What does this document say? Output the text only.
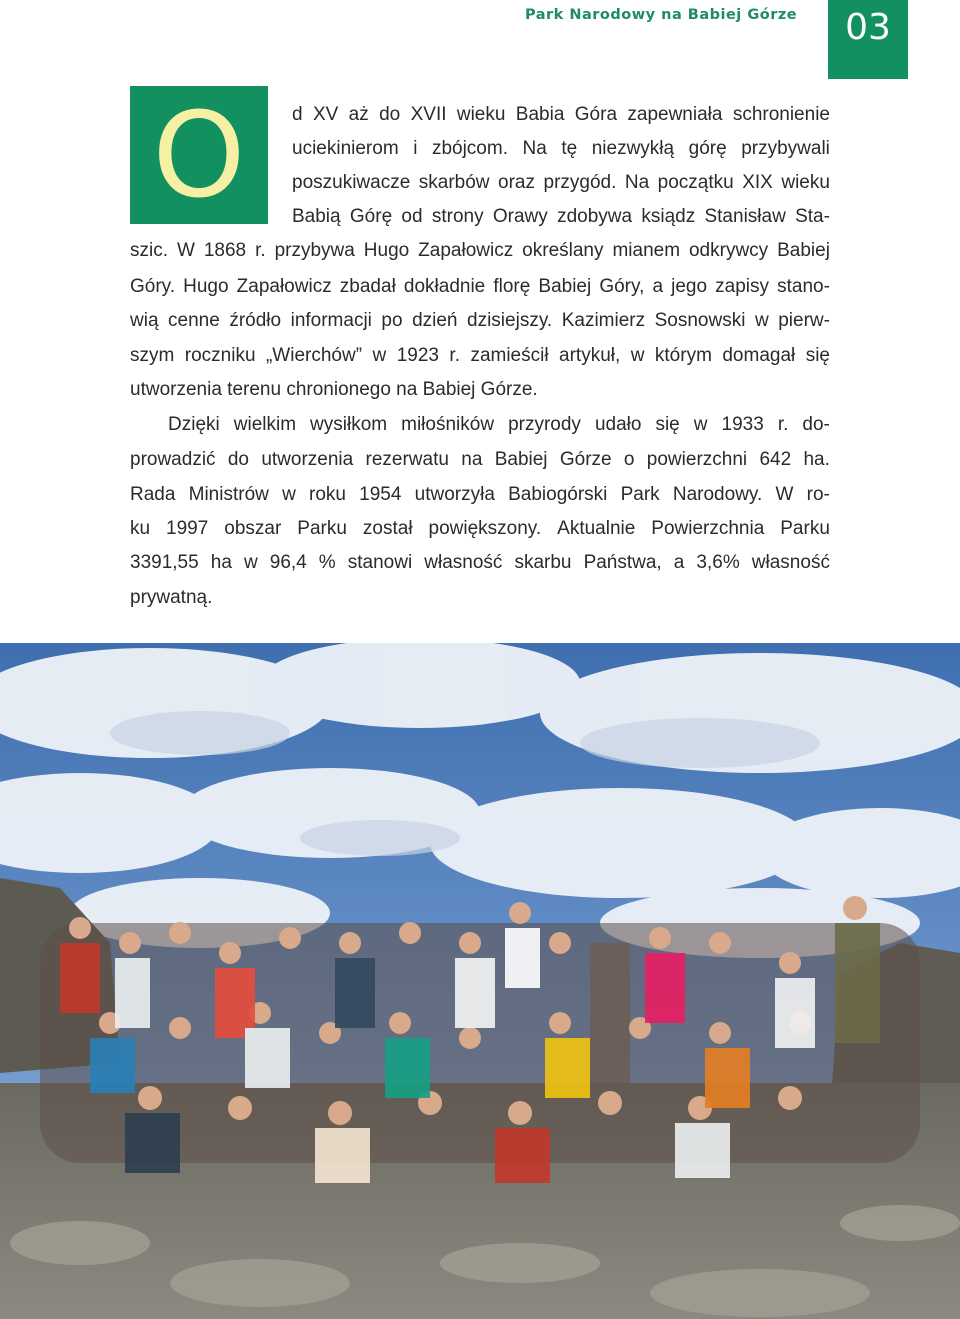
Park Narodowy na Babiej Górze	03
O	d XV aż do XVII wieku Babia Góra zapewniała schronienie
uciekinierom i zbójcom. Na tę niezwykłą górę przybywali
poszukiwacze skarbów oraz przygód. Na początku XIX wieku
Babią Górę od strony Orawy zdobywa ksiądz Stanisław Sta-
szic. W 1868 r. przybywa Hugo Zapałowicz określany mianem odkrywcy Babiej
Góry. Hugo Zapałowicz zbadał dokładnie florę Babiej Góry, a jego zapisy stano-
wią cenne źródło informacji po dzień dzisiejszy. Kazimierz Sosnowski w pierw-
szym roczniku „Wierchów” w 1923 r. zamieścił artykuł, w którym domagał się
utworzenia terenu chronionego na Babiej Górze.
Dzięki wielkim wysiłkom miłośników przyrody udało się w 1933 r. do-
prowadzić do utworzenia rezerwatu na Babiej Górze o powierzchni 642 ha.
Rada Ministrów w roku 1954 utworzyła Babiogórski Park Narodowy. W ro-
ku 1997 obszar Parku został powiększony. Aktualnie Powierzchnia Parku
3391,55 ha w 96,4 % stanowi własność skarbu Państwa, a 3,6% własność
prywatną.
